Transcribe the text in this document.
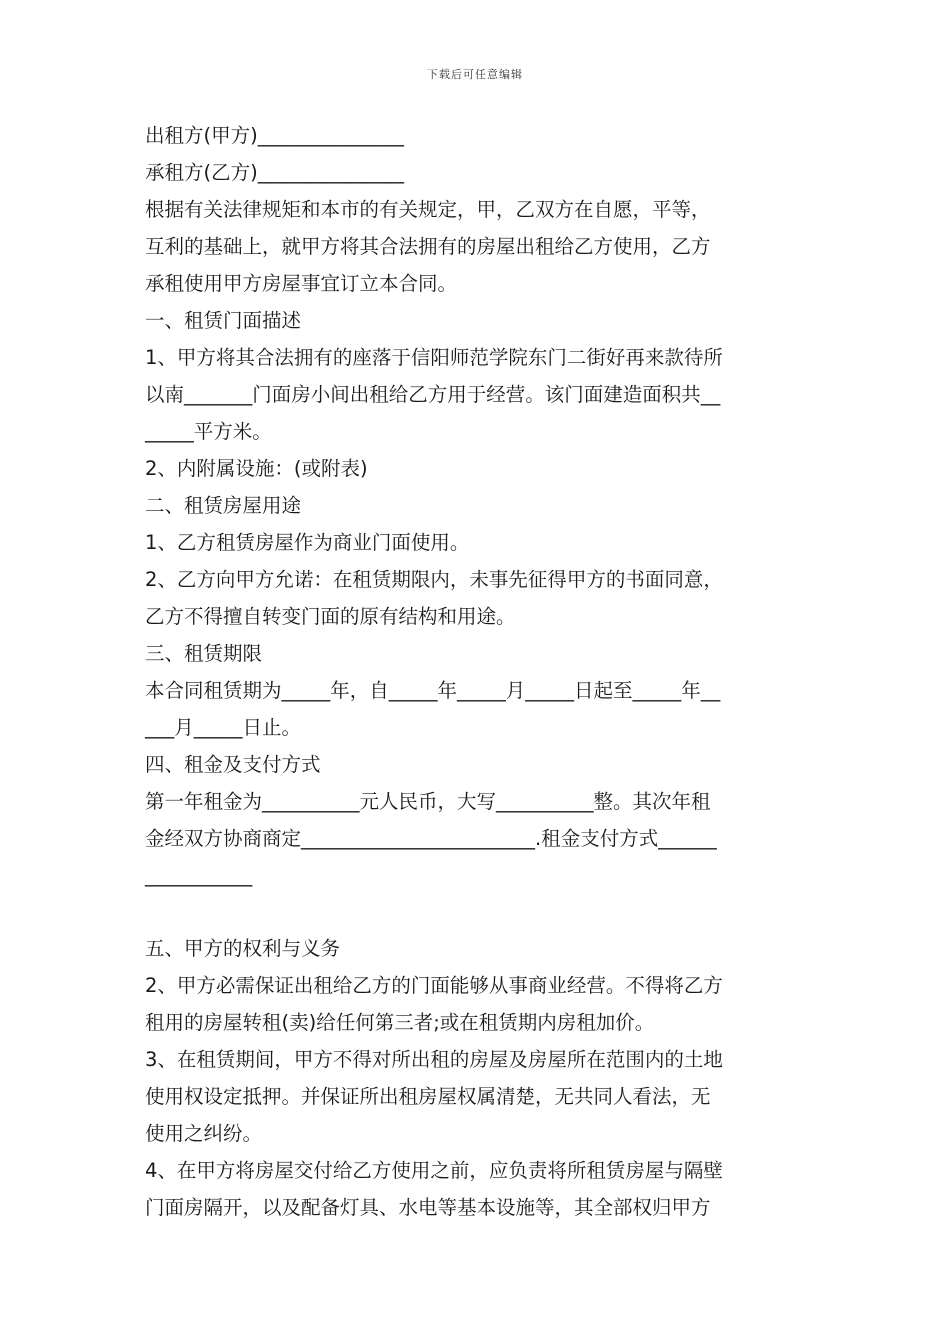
下载后可任意编辑
出租方(甲方)_______________
承租方(乙方)_______________
根据有关法律规矩和本市的有关规定，甲，乙双方在自愿，平等，
互利的基础上，就甲方将其合法拥有的房屋出租给乙方使用，乙方
承租使用甲方房屋事宜订立本合同。
一、租赁门面描述
1、甲方将其合法拥有的座落于信阳师范学院东门二街好再来款待所
以南_______门面房小间出租给乙方用于经营。该门面建造面积共__
_____平方米。
2、内附属设施：(或附表)
二、租赁房屋用途
1、乙方租赁房屋作为商业门面使用。
2、乙方向甲方允诺：在租赁期限内，未事先征得甲方的书面同意，
乙方不得擅自转变门面的原有结构和用途。
三、租赁期限
本合同租赁期为_____年，自_____年_____月_____日起至_____年__
___月_____日止。
四、租金及支付方式
第一年租金为__________元人民币，大写__________整。其次年租
金经双方协商商定________________________.租金支付方式______
___________
五、甲方的权利与义务
2、甲方必需保证出租给乙方的门面能够从事商业经营。不得将乙方
租用的房屋转租(卖)给任何第三者;或在租赁期内房租加价。
3、在租赁期间，甲方不得对所出租的房屋及房屋所在范围内的土地
使用权设定抵押。并保证所出租房屋权属清楚，无共同人看法，无
使用之纠纷。
4、在甲方将房屋交付给乙方使用之前，应负责将所租赁房屋与隔壁
门面房隔开，以及配备灯具、水电等基本设施等，其全部权归甲方
